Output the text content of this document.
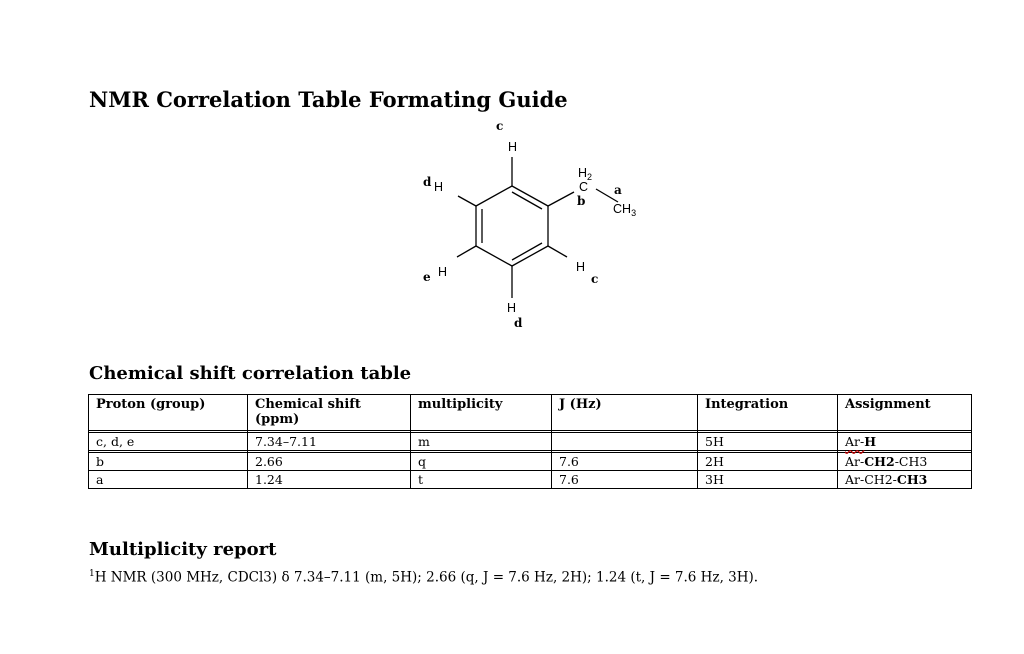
NMR Correlation Table Formating Guide
c
H
d H
e H
H
d
H
c
$H_2$
C
b
a
$CH_3$
Chemical shift correlation table
Proton (group)	Chemical shift (ppm)	multiplicity	J (Hz)	Integration	Assignment

c, d, e	7.34–7.11	m		5H	Ar-H

b	2.66	q	7.6	2H	Ar-CH2-CH3
a	1.24	t	7.6	3H	Ar-CH2-CH3
Multiplicity report
$^1$H NMR (300 MHz, CDCl3) δ 7.34–7.11 (m, 5H); 2.66 (q, J = 7.6 Hz, 2H); 1.24 (t, J = 7.6 Hz, 3H).
